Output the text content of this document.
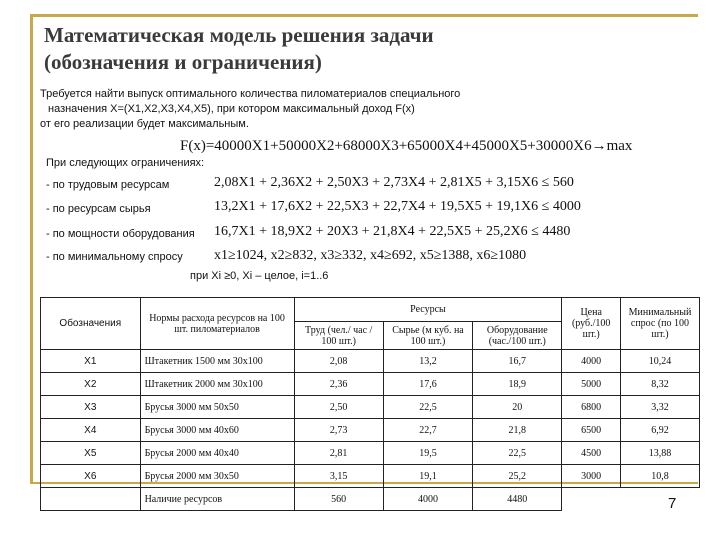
Математическая модель решения задачи
(обозначения и ограничения)
Требуется найти выпуск оптимального количества пиломатериалов специального
назначения X=(X1,X2,X3,X4,X5), при котором максимальный доход F(x)
от его реализации будет максимальным.
F(x)=40000X1+50000X2+68000X3+65000X4+45000X5+30000X6→max
При следующих ограничениях:
- по трудовым ресурсам	2,08X1 + 2,36X2 + 2,50X3 + 2,73X4 + 2,81X5 + 3,15X6 ≤ 560
- по ресурсам сырья	13,2X1 + 17,6X2 + 22,5X3 + 22,7X4 + 19,5X5 + 19,1X6 ≤ 4000
- по мощности оборудования 16,7X1 + 18,9X2 + 20X3 + 21,8X4 + 22,5X5 + 25,2X6 ≤ 4480
- по минимальному спросу x1≥1024, x2≥832, x3≥332, x4≥692, x5≥1388, x6≥1080
при Xi ≥0, Xi – целое, i=1..6
Обозначения	Нормы расхода ресурсов на 100 шт. пиломатериалов	Ресурсы			Цена (руб./100 шт.)	Минимальный спрос (по 100 шт.)
		Труд (чел./ час / 100 шт.)	Сырье (м куб. на 100 шт.)	Оборудование (час./100 шт.)		
X1	Штакетник 1500 мм 30х100	2,08	13,2	16,7	4000	10,24
X2	Штакетник 2000 мм 30х100	2,36	17,6	18,9	5000	8,32
X3	Брусья 3000 мм 50х50	2,50	22,5	20	6800	3,32
X4	Брусья 3000 мм 40х60	2,73	22,7	21,8	6500	6,92
X5	Брусья 2000 мм 40х40	2,81	19,5	22,5	4500	13,88
X6	Брусья 2000 мм 30х50	3,15	19,1	25,2	3000	10,8
	Наличие ресурсов	560	4000	4480			7
